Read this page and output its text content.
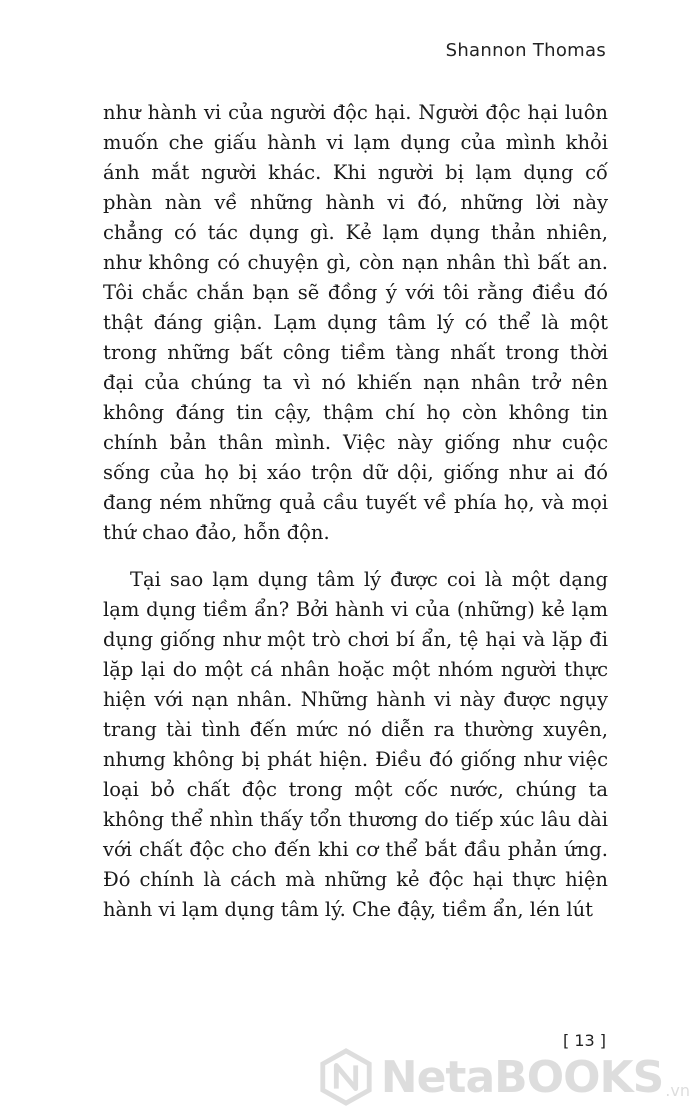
Shannon Thomas

như hành vi của người độc hại. Người độc hại luôn muốn che giấu hành vi lạm dụng của mình khỏi ánh mắt người khác. Khi người bị lạm dụng cố phàn nàn về những hành vi đó, những lời này chẳng có tác dụng gì. Kẻ lạm dụng thản nhiên, như không có chuyện gì, còn nạn nhân thì bất an. Tôi chắc chắn bạn sẽ đồng ý với tôi rằng điều đó thật đáng giận. Lạm dụng tâm lý có thể là một trong những bất công tiềm tàng nhất trong thời đại của chúng ta vì nó khiến nạn nhân trở nên không đáng tin cậy, thậm chí họ còn không tin chính bản thân mình. Việc này giống như cuộc sống của họ bị xáo trộn dữ dội, giống như ai đó đang ném những quả cầu tuyết về phía họ, và mọi thứ chao đảo, hỗn độn.

Tại sao lạm dụng tâm lý được coi là một dạng lạm dụng tiềm ẩn? Bởi hành vi của (những) kẻ lạm dụng giống như một trò chơi bí ẩn, tệ hại và lặp đi lặp lại do một cá nhân hoặc một nhóm người thực hiện với nạn nhân. Những hành vi này được ngụy trang tài tình đến mức nó diễn ra thường xuyên, nhưng không bị phát hiện. Điều đó giống như việc loại bỏ chất độc trong một cốc nước, chúng ta không thể nhìn thấy tổn thương do tiếp xúc lâu dài với chất độc cho đến khi cơ thể bắt đầu phản ứng. Đó chính là cách mà những kẻ độc hại thực hiện hành vi lạm dụng tâm lý. Che đậy, tiềm ẩn, lén lút

[ 13 ]
NetaBOOKS .vn
